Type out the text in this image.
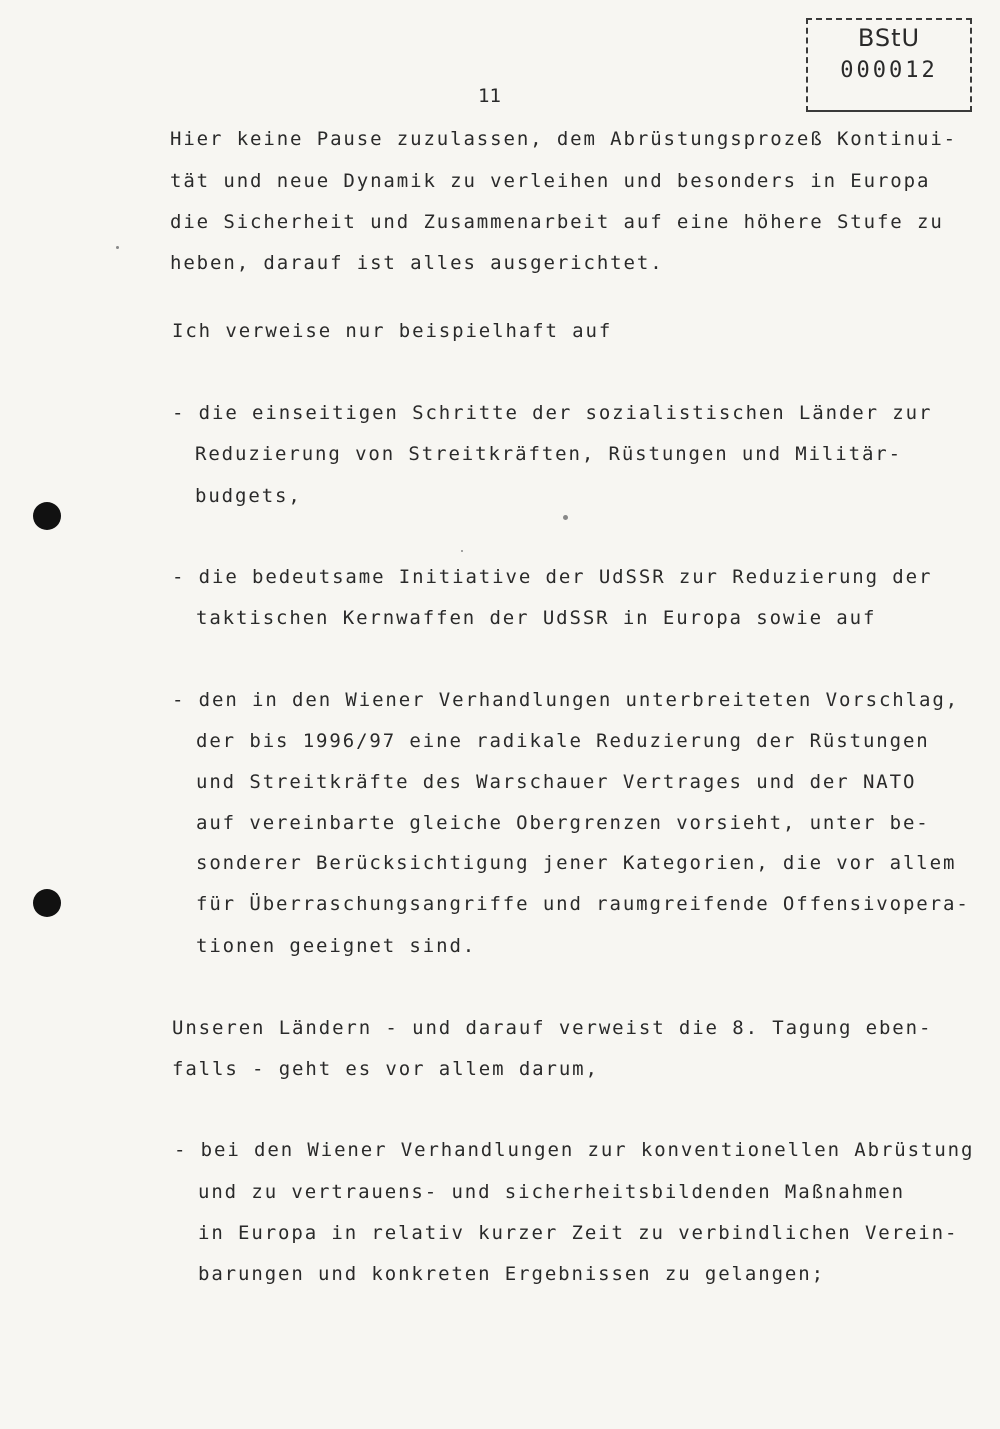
BStU
000012
11
Hier keine Pause zuzulassen, dem Abrüstungsprozeß Kontinui-
tät und neue Dynamik zu verleihen und besonders in Europa
die Sicherheit und Zusammenarbeit auf eine höhere Stufe zu
heben, darauf ist alles ausgerichtet.
Ich verweise nur beispielhaft auf
- die einseitigen Schritte der sozialistischen Länder zur
Reduzierung von Streitkräften, Rüstungen und Militär-
budgets,
- die bedeutsame Initiative der UdSSR zur Reduzierung der
taktischen Kernwaffen der UdSSR in Europa sowie auf
- den in den Wiener Verhandlungen unterbreiteten Vorschlag,
der bis 1996/97 eine radikale Reduzierung der Rüstungen
und Streitkräfte des Warschauer Vertrages und der NATO
auf vereinbarte gleiche Obergrenzen vorsieht, unter be-
sonderer Berücksichtigung jener Kategorien, die vor allem
für Überraschungsangriffe und raumgreifende Offensivopera-
tionen geeignet sind.
Unseren Ländern - und darauf verweist die 8. Tagung eben-
falls - geht es vor allem darum,
- bei den Wiener Verhandlungen zur konventionellen Abrüstung
und zu vertrauens- und sicherheitsbildenden Maßnahmen
in Europa in relativ kurzer Zeit zu verbindlichen Verein-
barungen und konkreten Ergebnissen zu gelangen;
